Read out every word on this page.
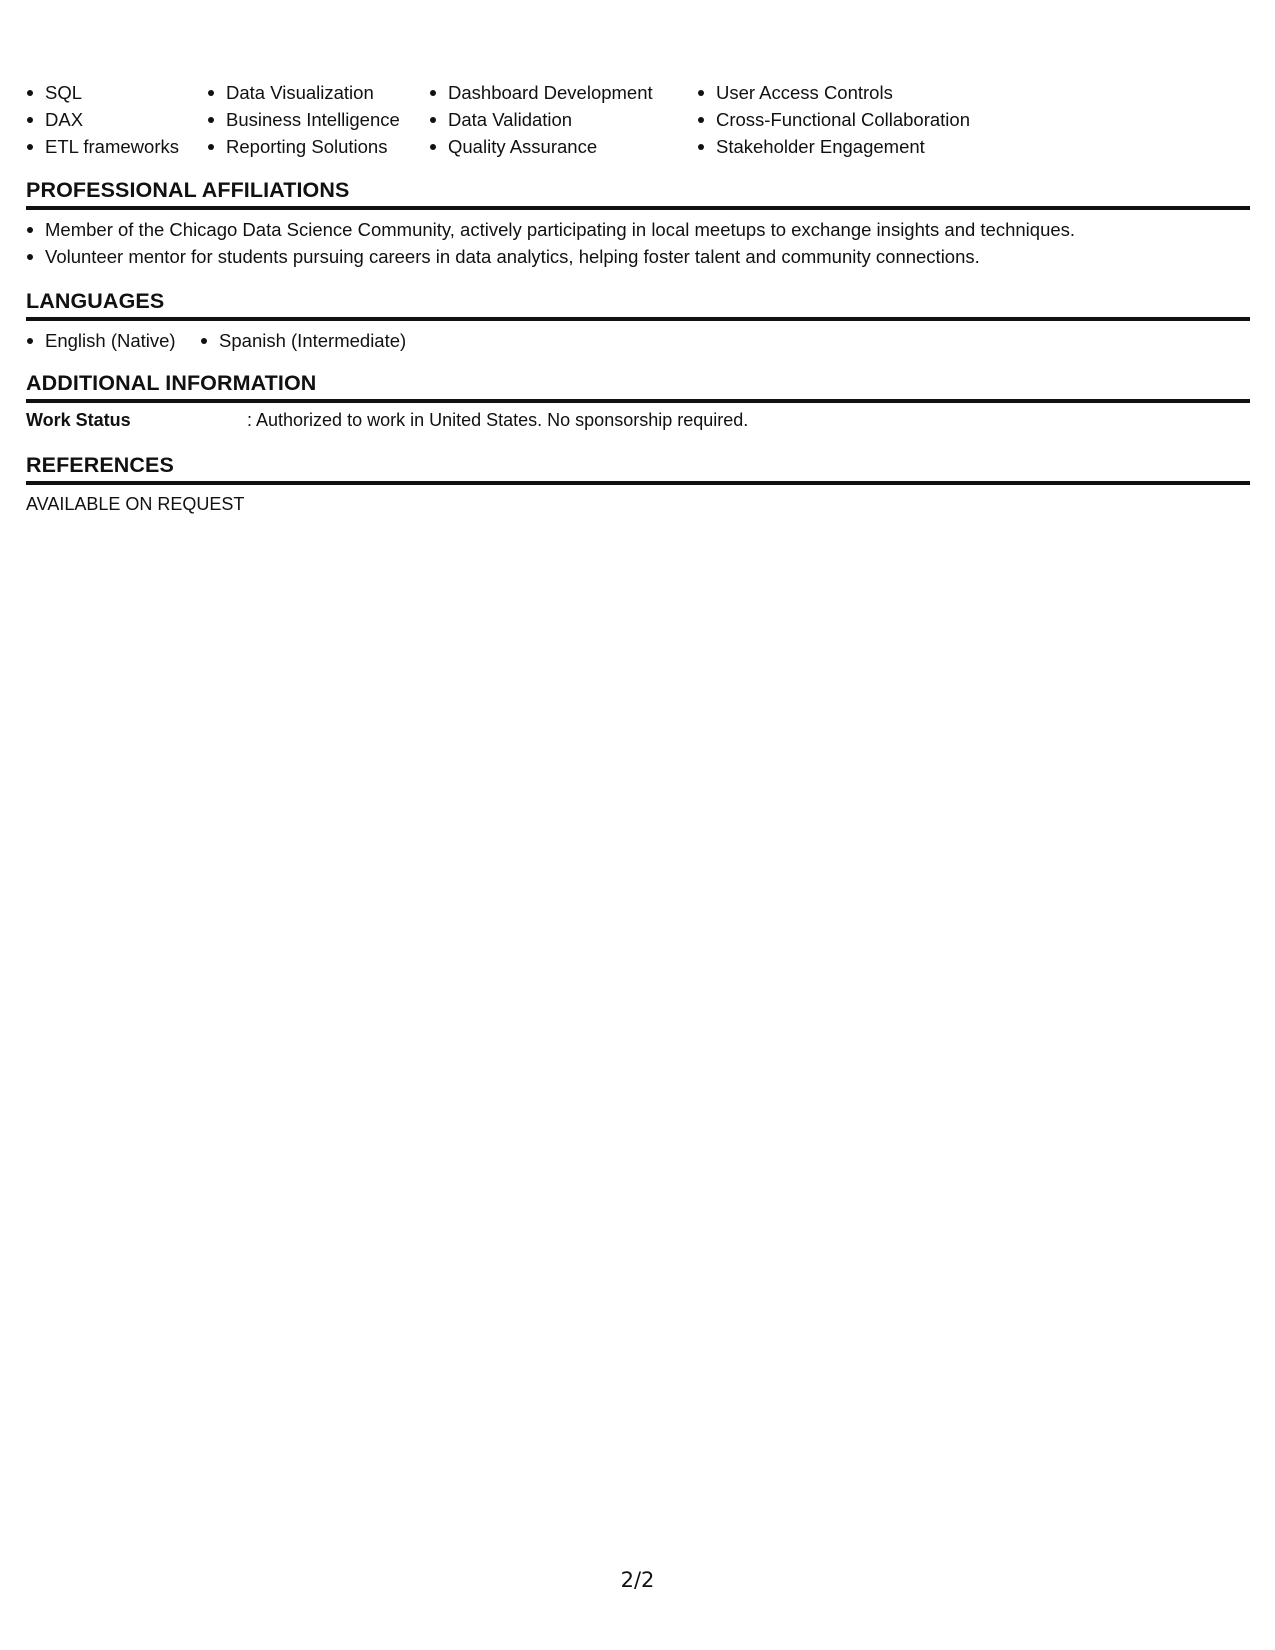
SQL
DAX
ETL frameworks
Data Visualization
Business Intelligence
Reporting Solutions
Dashboard Development
Data Validation
Quality Assurance
User Access Controls
Cross-Functional Collaboration
Stakeholder Engagement
PROFESSIONAL AFFILIATIONS
Member of the Chicago Data Science Community, actively participating in local meetups to exchange insights and techniques.
Volunteer mentor for students pursuing careers in data analytics, helping foster talent and community connections.
LANGUAGES
English (Native) Spanish (Intermediate)
ADDITIONAL INFORMATION
Work Status	: Authorized to work in United States. No sponsorship required.
REFERENCES
AVAILABLE ON REQUEST
2/2
